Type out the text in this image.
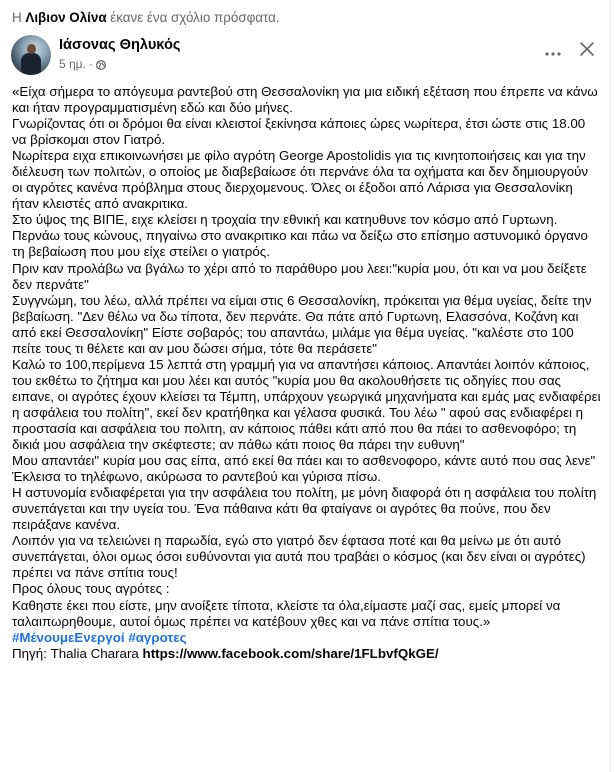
Η Λιβιον Ολίνα έκανε ένα σχόλιο πρόσφατα.
Ιάσονας Θηλυκός
5 ημ. ·

«Είχα σήμερα το απόγευμα ραντεβού στη Θεσσαλονίκη για μια ειδική εξέταση που έπρεπε να κάνω και ήταν προγραμματισμένη εδώ και δύο μήνες.

Γνωρίζοντας ότι οι δρόμοι θα είναι κλειστοί ξεκίνησα κάποιες ώρες νωρίτερα, έτσι ώστε στις 18.00 να βρίσκομαι στον Γιατρό.

Νωρίτερα ειχα επικοινωνήσει με φίλο αγρότη George Apostolidis για τις κινητοποιήσεις και για την διέλευση των πολιτών, ο οποίος με διαβεβαίωσε ότι περνάνε όλα τα οχήματα και δεν δημιουργούν οι αγρότες κανένα πρόβλημα στους διερχομενους. Όλες οι έξοδοι από Λάρισα για Θεσσαλονίκη ήταν κλειστές από ανακριτικα.

Στο ύψος της ΒΙΠΕ, ειχε κλείσει η τροχαία την εθνική και κατηυθυνε τον κόσμο από Γυρτωνη.

Περνάω τους κώνους, πηγαίνω στο ανακριτικο και πάω να δείξω στο επίσημο αστυνομικό όργανο τη βεβαίωση που μου είχε στείλει ο γιατρός.

Πριν καν προλάβω να βγάλω το χέρι από το παράθυρο μου λεει:"κυρία μου, ότι και να μου δείξετε δεν περνάτε"

Συγγνώμη, του λέω, αλλά πρέπει να είμαι στις 6 Θεσσαλονίκη, πρόκειται για θέμα υγείας, δείτε την βεβαίωση. "Δεν θέλω να δω τίποτα, δεν περνάτε. Θα πάτε από Γυρτωνη, Ελασσόνα, Κοζάνη και από εκεί Θεσσαλονίκη" Είστε σοβαρός; του απαντάω, μιλάμε για θέμα υγείας. "καλέστε στο 100 πείτε τους τι θέλετε και αν μου δώσει σήμα, τότε θα περάσετε"

Καλώ το 100,περίμενα 15 λεπτά στη γραμμή για να απαντήσει κάποιος. Απαντάει λοιπόν κάποιος, του εκθέτω το ζήτημα και μου λέει και αυτός "κυρία μου θα ακολουθήσετε τις οδηγίες που σας ειπανε, οι αγρότες έχουν κλείσει τα Τέμπη, υπάρχουν γεωργικά μηχανήματα και εμάς μας ενδιαφέρει η ασφάλεια του πολίτη", εκεί δεν κρατήθηκα και γέλασα φυσικά. Του λέω " αφού σας ενδιαφέρει η προστασία και ασφάλεια του πολιτη, αν κάποιος πάθει κάτι από που θα πάει το ασθενοφόρο; τη δικιά μου ασφάλεια την σκέφτεστε; αν πάθω κάτι ποιος θα πάρει την ευθυνη"

Μου απαντάει" κυρία μου σας είπα, από εκεί θα πάει και το ασθενοφορο, κάντε αυτό που σας λενε"

Έκλεισα το τηλέφωνο, ακύρωσα το ραντεβού και γύρισα πίσω.

Η αστυνομία ενδιαφέρεται για την ασφάλεια του πολίτη, με μόνη διαφορά ότι η ασφάλεια του πολίτη συνεπάγεται και την υγεία του. Ένα πάθαινα κάτι θα φταίγανε οι αγρότες θα πούνε, που δεν πειράξανε κανένα.

Λοιπόν για να τελειώνει η παρωδία, εγώ στο γιατρό δεν έφτασα ποτέ και θα μείνω με ότι αυτό συνεπάγεται, όλοι ομως όσοι ευθύνονται για αυτά που τραβάει ο κόσμος (και δεν είναι οι αγρότες) πρέπει να πάνε σπίτια τους!

Προς όλους τους αγρότες :

Καθηστε έκει που είστε, μην ανοίξετε τίποτα, κλείστε τα όλα,είμαστε μαζί σας, εμείς μπορεί να ταλαιπωρηθουμε, αυτοί όμως πρέπει να κατέβουν χθες και να πάνε σπίτια τους.»

#ΜένουμεΕνεργοί #αγροτες

Πηγή: Thalia Charara https://www.facebook.com/share/1FLbvfQkGE/
